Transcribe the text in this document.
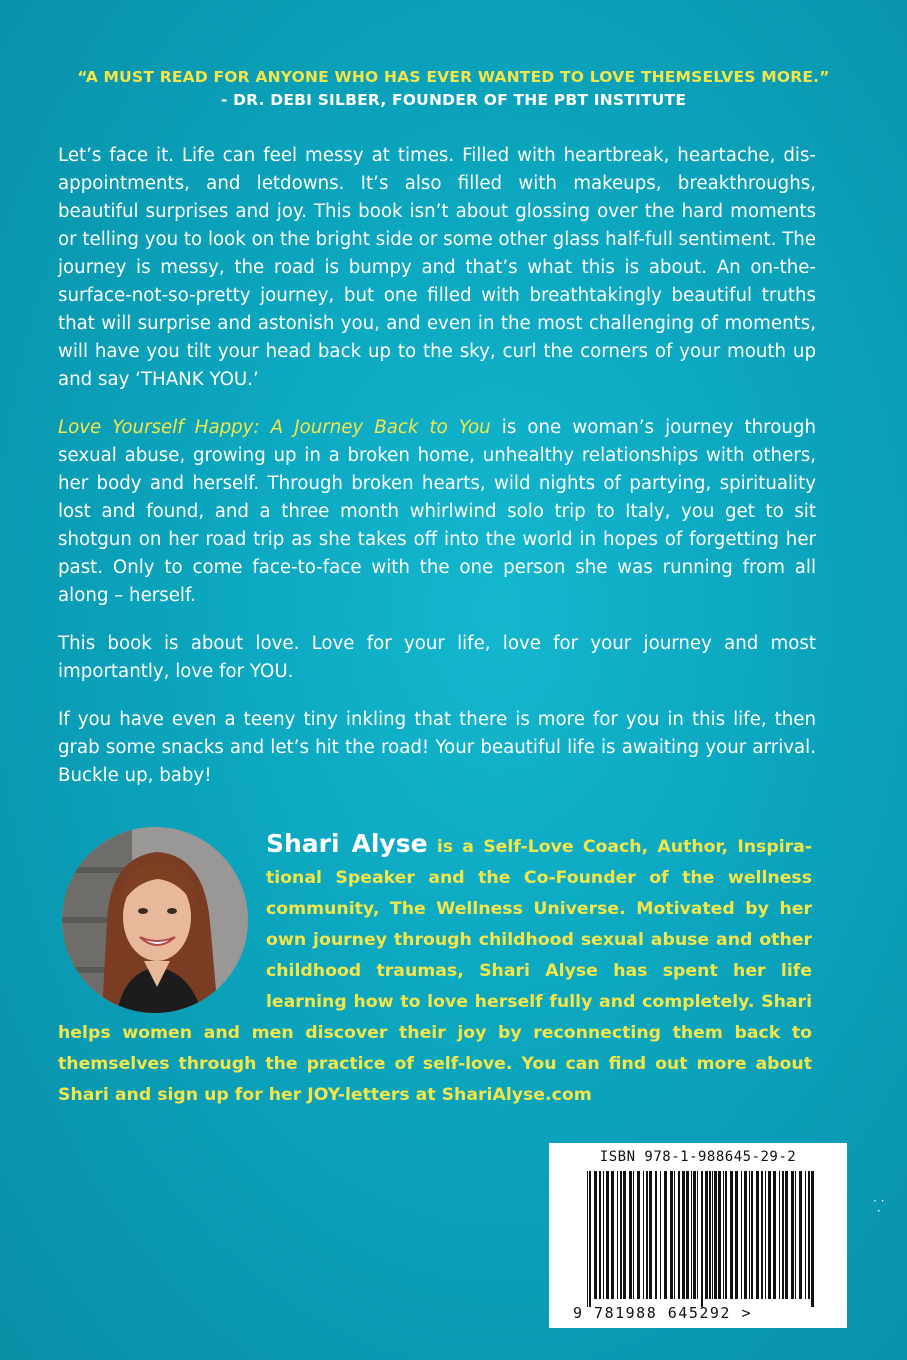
“A MUST READ FOR ANYONE WHO HAS EVER WANTED TO LOVE THEMSELVES MORE.”
- DR. DEBI SILBER, FOUNDER OF THE PBT INSTITUTE

Let’s face it. Life can feel messy at times. Filled with heartbreak, heartache, disappointments, and letdowns. It’s also filled with makeups, breakthroughs, beautiful surprises and joy. This book isn’t about glossing over the hard moments or telling you to look on the bright side or some other glass half-full sentiment. The journey is messy, the road is bumpy and that’s what this is about. An on-the-surface-not-so-pretty journey, but one filled with breathtakingly beautiful truths that will surprise and astonish you, and even in the most challenging of moments, will have you tilt your head back up to the sky, curl the corners of your mouth up and say ‘THANK YOU.’

Love Yourself Happy: A Journey Back to You is one woman’s journey through sexual abuse, growing up in a broken home, unhealthy relationships with others, her body and herself. Through broken hearts, wild nights of partying, spirituality lost and found, and a three month whirlwind solo trip to Italy, you get to sit shotgun on her road trip as she takes off into the world in hopes of forgetting her past. Only to come face-to-face with the one person she was running from all along – herself.

This book is about love. Love for your life, love for your journey and most importantly, love for YOU.

If you have even a teeny tiny inkling that there is more for you in this life, then grab some snacks and let’s hit the road! Your beautiful life is awaiting your arrival. Buckle up, baby!

Shari Alyse is a Self-Love Coach, Author, Inspirational Speaker and the Co-Founder of the wellness community, The Wellness Universe. Motivated by her own journey through childhood sexual abuse and other childhood traumas, Shari Alyse has spent her life learning how to love herself fully and completely. Shari helps women and men discover their joy by reconnecting them back to themselves through the practice of self-love. You can find out more about Shari and sign up for her JOY-letters at ShariAlyse.com
ISBN 978-1-988645-29-2
9 781988 645292 >
· ·
·
